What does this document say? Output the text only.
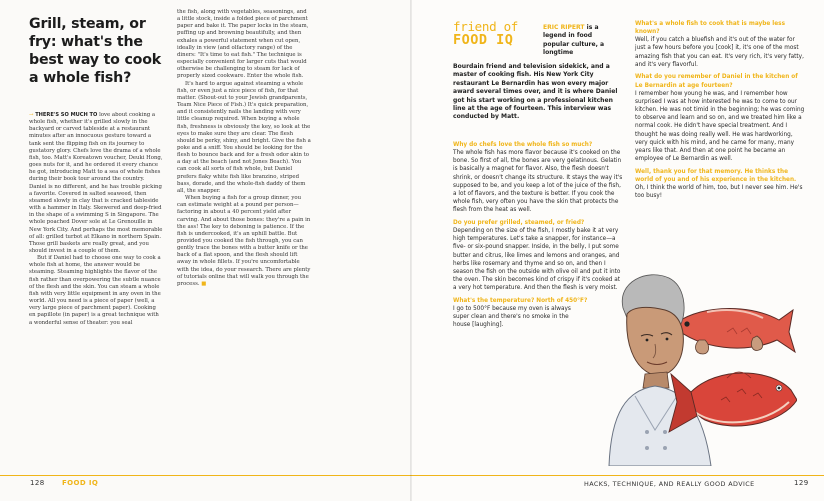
Grill, steam, or fry: what's the best way to cook a whole fish?

→ THERE'S SO MUCH TO love about cooking a whole fish, whether it's grilled slowly in the backyard or carved tableside at a restaurant minutes after an innocuous gesture toward a tank sent the flipping fish on its journey to gustatory glory. Chefs love the drama of a whole fish, too. Matt's Koreatown voucher, Deuki Hong, goes nuts for it, and he ordered it every chance he got, introducing Matt to a sea of whole fishes during their book tour around the country. Daniel is no different, and he has trouble picking a favorite. Covered in salted seaweed, then steamed slowly in clay that is cracked tableside with a hammer in Italy. Skewered and deep-fried in the shape of a swimming S in Singapore. The whole poached Dover sole at Le Grenouille in New York City. And perhaps the most memorable of all: grilled turbot at Elkano in northern Spain. Those grill baskets are really great, and you should invest in a couple of them.

But if Daniel had to choose one way to cook a whole fish at home, the answer would be steaming. Steaming highlights the flavor of the fish rather than overpowering the subtle nuance of the flesh and the skin. You can steam a whole fish with very little equipment in any oven in the world. All you need is a piece of paper (well, a very large piece of parchment paper). Cooking en papillote (in paper) is a great technique with a wonderful sense of theater: you seal

the fish, along with vegetables, seasonings, and a little stock, inside a folded piece of parchment paper and bake it. The paper locks in the steam, puffing up and browning beautifully, and then exhales a powerful statement when cut open, ideally in view (and olfactory range) of the diners: "It's time to eat fish." The technique is especially convenient for larger cuts that would otherwise be challenging to steam for lack of properly sized cookware. Enter the whole fish.

It's hard to argue against steaming a whole fish, or even just a nice piece of fish, for that matter. (Shout-out to your Jewish grandparents, Team Nice Piece of Fish.) It's quick preparation, and it consistently nails the landing with very little cleanup required. When buying a whole fish, freshness is obviously the key, so look at the eyes to make sure they are clear. The flesh should be perky, shiny, and bright. Give the fish a poke and a sniff. You should be looking for the flesh to bounce back and for a fresh odor akin to a day at the beach (and not Jones Beach). You can cook all sorts of fish whole, but Daniel prefers flaky white fish like branzino, striped bass, dorade, and the whole-fish daddy of them all, the snapper.

When buying a fish for a group dinner, you can estimate weight at a pound per person—factoring in about a 40 percent yield after carving. And about those bones: they're a pain in the ass! The key to deboning is patience. If the fish is undercooked, it's an uphill battle. But provided you cooked the fish through, you can gently trace the bones with a butter knife or the back of a flat spoon, and the flesh should lift away in whole fillets. If you're uncomfortable with the idea, do your research. There are plenty of tutorials online that will walk you through the process. ■

128 FOOD IQ
friend of
FOOD IQ
ERIC RIPERT is a legend in food popular culture, a longtime
Bourdain friend and television sidekick, and a master of cooking fish. His New York City restaurant Le Bernardin has won every major award several times over, and it is where Daniel got his start working on a professional kitchen line at the age of fourteen. This interview was conducted by Matt.

Why do chefs love the whole fish so much?

The whole fish has more flavor because it's cooked on the bone. So first of all, the bones are very gelatinous. Gelatin is basically a magnet for flavor. Also, the flesh doesn't shrink, or doesn't change its structure. It stays the way it's supposed to be, and you keep a lot of the juice of the fish, a lot of flavors, and the texture is better. If you cook the whole fish, very often you have the skin that protects the flesh from the heat as well.

Do you prefer grilled, steamed, or fried?

Depending on the size of the fish, I mostly bake it at very high temperatures. Let's take a snapper, for instance—a five- or six-pound snapper. Inside, in the belly, I put some butter and citrus, like limes and lemons and oranges, and herbs like rosemary and thyme and so on, and then I season the fish on the outside with olive oil and put it into the oven. The skin becomes kind of crispy if it's cooked at a very hot temperature. And then the flesh is very moist.

What's the temperature? North of 450°F?

I go to 500°F because my oven is always super clean and there's no smoke in the house [laughing].

What's a whole fish to cook that is maybe less known?

Well, if you catch a bluefish and it's out of the water for just a few hours before you [cook] it, it's one of the most amazing fish that you can eat. It's very rich, it's very fatty, and it's very flavorful.

What do you remember of Daniel in the kitchen of Le Bernardin at age fourteen?

I remember how young he was, and I remember how surprised I was at how interested he was to come to our kitchen. He was not timid in the beginning; he was coming to observe and learn and so on, and we treated him like a normal cook. He didn't have special treatment. And I thought he was doing really well. He was hardworking, very quick with his mind, and he came for many, many years like that. And then at one point he became an employee of Le Bernardin as well.

Well, thank you for that memory. He thinks the world of you and of his experience in the kitchen.

Oh, I think the world of him, too, but I never see him. He's too busy!

HACKS, TECHNIQUE, AND REALLY GOOD ADVICE	129
